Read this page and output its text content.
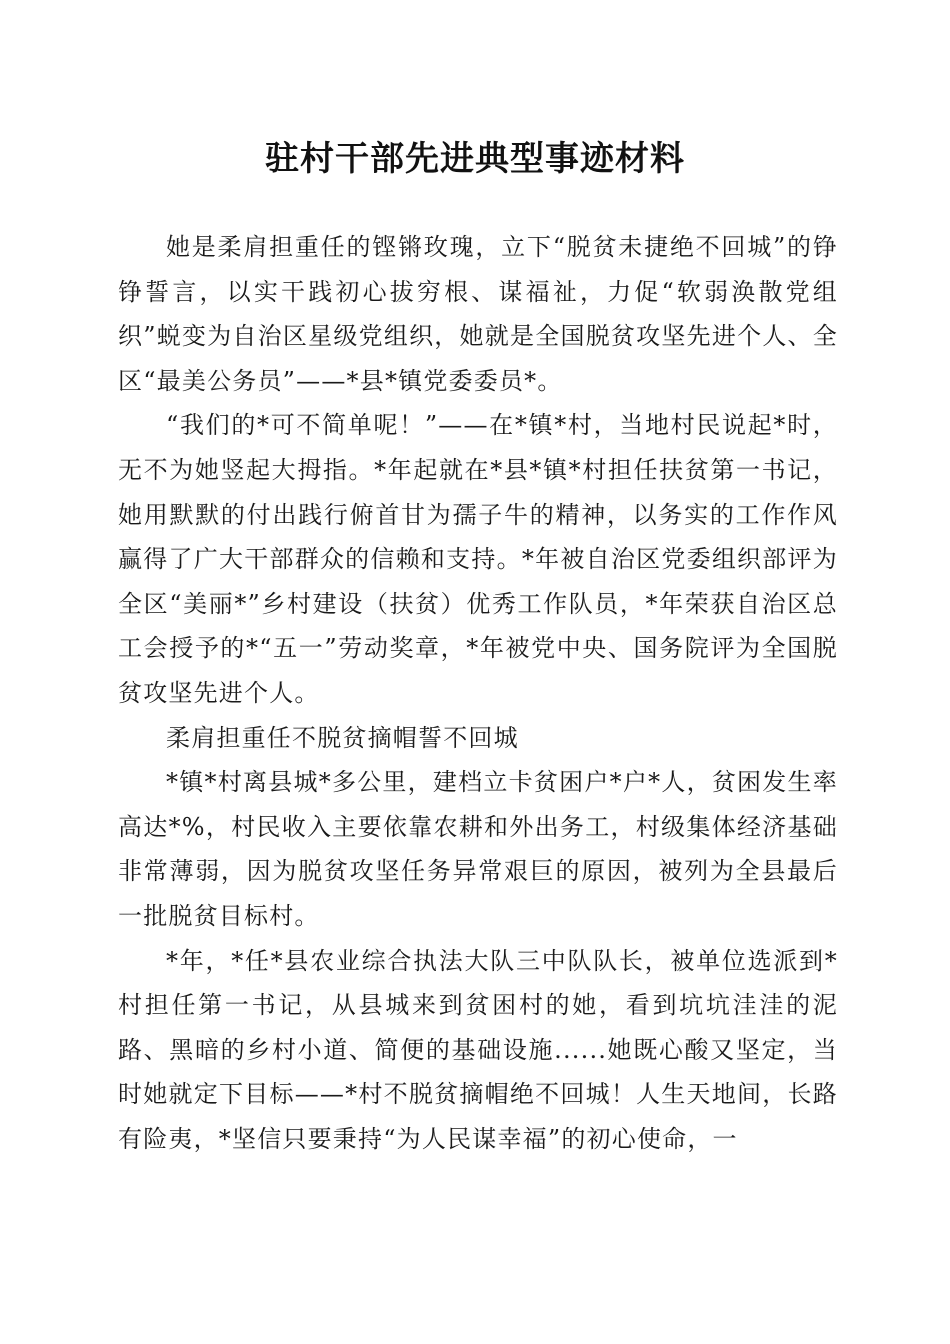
驻村干部先进典型事迹材料

她是柔肩担重任的铿锵玫瑰，立下“脱贫未捷绝不回城”的铮铮誓言，以实干践初心拔穷根、谋福祉，力促“软弱涣散党组织”蜕变为自治区星级党组织，她就是全国脱贫攻坚先进个人、全区“最美公务员”——*县*镇党委委员*。

“我们的*可不简单呢！”——在*镇*村，当地村民说起*时，无不为她竖起大拇指。*年起就在*县*镇*村担任扶贫第一书记，她用默默的付出践行俯首甘为孺子牛的精神，以务实的工作作风赢得了广大干部群众的信赖和支持。*年被自治区党委组织部评为全区“美丽*”乡村建设（扶贫）优秀工作队员，*年荣获自治区总工会授予的*“五一”劳动奖章，*年被党中央、国务院评为全国脱贫攻坚先进个人。

柔肩担重任不脱贫摘帽誓不回城

*镇*村离县城*多公里，建档立卡贫困户*户*人，贫困发生率高达*%，村民收入主要依靠农耕和外出务工，村级集体经济基础非常薄弱，因为脱贫攻坚任务异常艰巨的原因，被列为全县最后一批脱贫目标村。

*年，*任*县农业综合执法大队三中队队长，被单位选派到*村担任第一书记，从县城来到贫困村的她，看到坑坑洼洼的泥路、黑暗的乡村小道、简便的基础设施......她既心酸又坚定，当时她就定下目标——*村不脱贫摘帽绝不回城！人生天地间，长路有险夷，*坚信只要秉持“为人民谋幸福”的初心使命，一
